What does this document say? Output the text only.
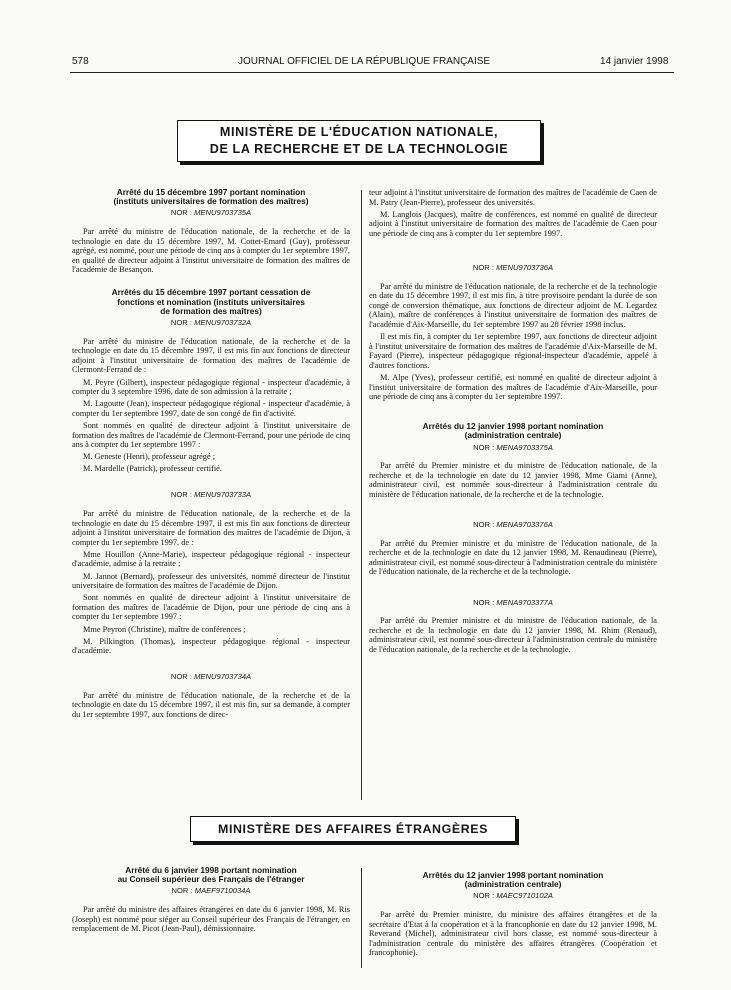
578	JOURNAL OFFICIEL DE LA RÉPUBLIQUE FRANÇAISE	14 janvier 1998
MINISTÈRE DE L'ÉDUCATION NATIONALE,
DE LA RECHERCHE ET DE LA TECHNOLOGIE
Arrêté du 15 décembre 1997 portant nomination
(instituts universitaires de formation des maîtres)
NOR : MENU9703735A

Par arrêté du ministre de l'éducation nationale, de la recherche et de la technologie en date du 15 décembre 1997, M. Cottet-Emard (Guy), professeur agrégé, est nommé, pour une période de cinq ans à compter du 1er septembre 1997, en qualité de directeur adjoint à l'institut universitaire de formation des maîtres de l'académie de Besançon.

Arrêtés du 15 décembre 1997 portant cessation de
fonctions et nomination (instituts universitaires
de formation des maîtres)
NOR : MENU9703732A

Par arrêté du ministre de l'éducation nationale, de la recherche et de la technologie en date du 15 décembre 1997, il est mis fin aux fonctions de directeur adjoint à l'institut universitaire de formation des maîtres de l'académie de Clermont-Ferrand de :

M. Peyre (Gilbert), inspecteur pédagogique régional - inspecteur d'académie, à compter du 3 septembre 1996, date de son admission à la retraite ;

M. Lagoutte (Jean), inspecteur pédagogique régional - inspecteur d'académie, à compter du 1er septembre 1997, date de son congé de fin d'activité.

Sont nommés en qualité de directeur adjoint à l'institut universitaire de formation des maîtres de l'académie de Clermont-Ferrand, pour une période de cinq ans à compter du 1er septembre 1997 :

M. Geneste (Henri), professeur agrégé ;

M. Mardelle (Patrick), professeur certifié.

NOR : MENU9703733A

Par arrêté du ministre de l'éducation nationale, de la recherche et de la technologie en date du 15 décembre 1997, il est mis fin aux fonctions de directeur adjoint à l'institut universitaire de formation des maîtres de l'académie de Dijon, à compter du 1er septembre 1997, de :

Mme Houillon (Anne-Marie), inspecteur pédagogique régional - inspecteur d'académie, admise à la retraite ;

M. Jannot (Bernard), professeur des universités, nommé directeur de l'institut universitaire de formation des maîtres de l'académie de Dijon.

Sont nommés en qualité de directeur adjoint à l'institut universitaire de formation des maîtres de l'académie de Dijon, pour une période de cinq ans à compter du 1er septembre 1997 :

Mme Peyron (Christine), maître de conférences ;

M. Pilkington (Thomas), inspecteur pédagogique régional - inspecteur d'académie.

NOR : MENU9703734A

Par arrêté du ministre de l'éducation nationale, de la recherche et de la technologie en date du 15 décembre 1997, il est mis fin, sur sa demande, à compter du 1er septembre 1997, aux fonctions de direc-

teur adjoint à l'institut universitaire de formation des maîtres de l'académie de Caen de M. Patry (Jean-Pierre), professeur des universités.

M. Langlois (Jacques), maître de conférences, est nommé en qualité de directeur adjoint à l'institut universitaire de formation des maîtres de l'académie de Caen pour une période de cinq ans à compter du 1er septembre 1997.

NOR : MENU9703736A

Par arrêté du ministre de l'éducation nationale, de la recherche et de la technologie en date du 15 décembre 1997, il est mis fin, à titre provisoire pendant la durée de son congé de conversion thématique, aux fonctions de directeur adjoint de M. Legardez (Alain), maître de conférences à l'institut universitaire de formation des maîtres de l'académie d'Aix-Marseille, du 1er septembre 1997 au 28 février 1998 inclus.

Il est mis fin, à compter du 1er septembre 1997, aux fonctions de directeur adjoint à l'institut universitaire de formation des maîtres de l'académie d'Aix-Marseille de M. Fayard (Pierre), inspecteur pédagogique régional-inspecteur d'académie, appelé à d'autres fonctions.

M. Alpe (Yves), professeur certifié, est nommé en qualité de directeur adjoint à l'institut universitaire de formation des maîtres de l'académie d'Aix-Marseille, pour une période de cinq ans à compter du 1er septembre 1997.

Arrêtés du 12 janvier 1998 portant nomination
(administration centrale)
NOR : MENA9703375A

Par arrêté du Premier ministre et du ministre de l'éducation nationale, de la recherche et de la technologie en date du 12 janvier 1998, Mme Giami (Anne), administrateur civil, est nommée sous-directeur à l'administration centrale du ministère de l'éducation nationale, de la recherche et de la technologie.

NOR : MENA9703376A

Par arrêté du Premier ministre et du ministre de l'éducation nationale, de la recherche et de la technologie en date du 12 janvier 1998, M. Renaudineau (Pierre), administrateur civil, est nommé sous-directeur à l'administration centrale du ministère de l'éducation nationale, de la recherche et de la technologie.

NOR : MENA9703377A

Par arrêté du Premier ministre et du ministre de l'éducation nationale, de la recherche et de la technologie en date du 12 janvier 1998, M. Rhim (Renaud), administrateur civil, est nommé sous-directeur à l'administration centrale du ministère de l'éducation nationale, de la recherche et de la technologie.

MINISTÈRE DES AFFAIRES ÉTRANGÈRES
Arrêté du 6 janvier 1998 portant nomination
au Conseil supérieur des Français de l'étranger
NOR : MAEF9710034A

Par arrêté du ministre des affaires étrangères en date du 6 janvier 1998, M. Ris (Joseph) est nommé pour siéger au Conseil supérieur des Français de l'étranger, en remplacement de M. Picot (Jean-Paul), démissionnaire.

Arrêtés du 12 janvier 1998 portant nomination
(administration centrale)
NOR : MAEC9710102A

Par arrêté du Premier ministre, du ministre des affaires étrangères et de la secrétaire d'Etat à la coopération et à la francophonie en date du 12 janvier 1998, M. Reverand (Michel), administrateur civil hors classe, est nommé sous-directeur à l'administration centrale du ministère des affaires étrangères (Coopération et francophonie).
